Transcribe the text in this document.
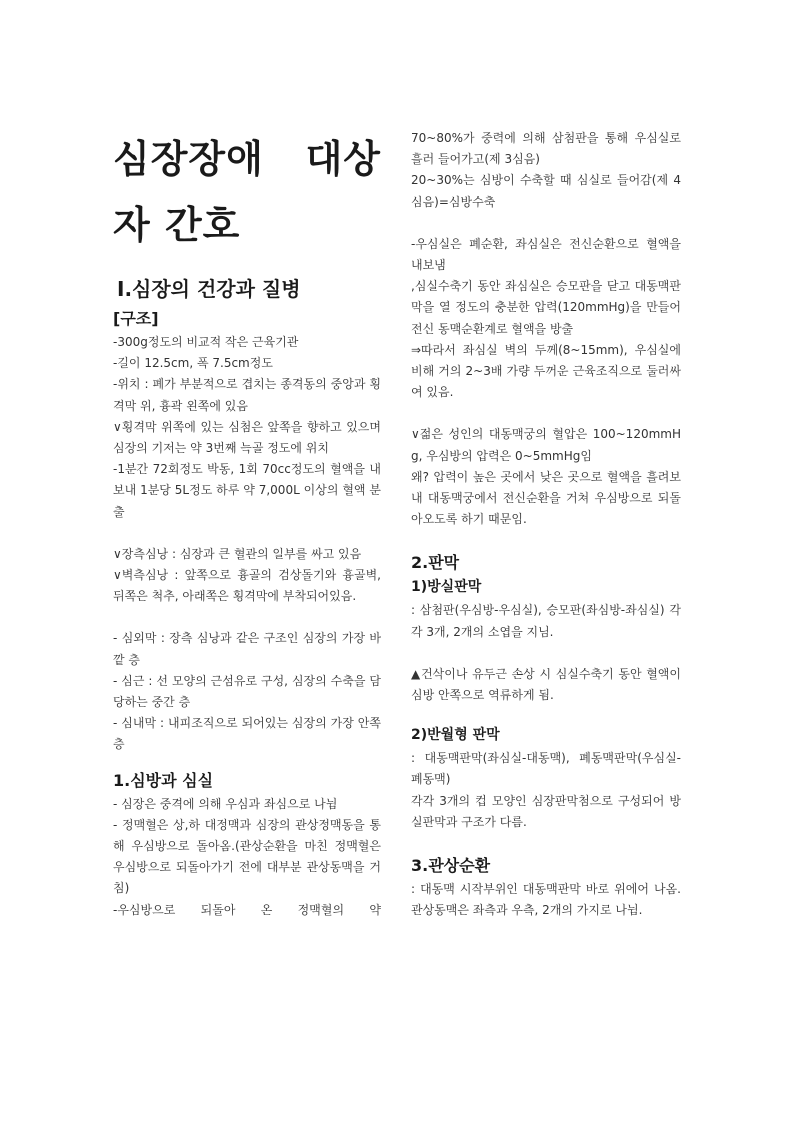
심장장애 대상
자 간호
Ⅰ.심장의 건강과 질병
[구조]

-300g정도의 비교적 작은 근육기관

-길이 12.5cm, 폭 7.5cm정도

-위치 : 폐가 부분적으로 겹치는 종격동의 중앙과 횡격막 위, 흉곽 왼쪽에 있음

∨횡격막 위쪽에 있는 심첨은 앞쪽을 향하고 있으며 심장의 기저는 약 3번째 늑골 정도에 위치

-1분간 72회정도 박동, 1회 70cc정도의 혈액을 내보내 1분당 5L정도 하루 약 7,000L 이상의 혈액 분출

∨장측심낭 : 심장과 큰 혈관의 일부를 싸고 있음

∨벽측심낭 : 앞쪽으로 흉골의 검상돌기와 흉골벽, 뒤쪽은 척추, 아래쪽은 횡격막에 부착되어있음.

- 심외막 : 장측 심낭과 같은 구조인 심장의 가장 바깥 층

- 심근 : 선 모양의 근섬유로 구성, 심장의 수축을 담당하는 중간 층

- 심내막 : 내피조직으로 되어있는 심장의 가장 안쪽 층

1.심방과 심실

- 심장은 중격에 의해 우심과 좌심으로 나뉨

- 정맥혈은 상,하 대정맥과 심장의 관상정맥동을 통해 우심방으로 돌아옴.(관상순환을 마친 정맥혈은 우심방으로 되돌아가기 전에 대부분 관상동맥을 거침)

-우심방으로 되돌아 온 정맥혈의 약

70~80%가 중력에 의해 삼첨판을 통해 우심실로 흘러 들어가고(제 3심음)

20~30%는 심방이 수축할 때 심실로 들어감(제 4심음)=심방수축

-우심실은 폐순환, 좌심실은 전신순환으로 혈액을 내보냄

,심실수축기 동안 좌심실은 승모판을 닫고 대동맥판막을 열 정도의 충분한 압력(120mmHg)을 만들어 전신 동맥순환계로 혈액을 방출

⇒따라서 좌심실 벽의 두께(8~15mm), 우심실에 비해 거의 2~3배 가량 두꺼운 근육조직으로 둘러싸여 있음.

∨젊은 성인의 대동맥궁의 혈압은 100~120mmHg, 우심방의 압력은 0~5mmHg임

왜? 압력이 높은 곳에서 낮은 곳으로 혈액을 흘려보내 대동맥궁에서 전신순환을 거쳐 우심방으로 되돌아오도록 하기 때문임.

2.판막
1)방실판막

: 삼첨판(우심방-우심실), 승모판(좌심방-좌심실) 각각 3개, 2개의 소엽을 지님.

▲건삭이나 유두근 손상 시 심실수축기 동안 혈액이 심방 안쪽으로 역류하게 됨.

2)반월형 판막

: 대동맥판막(좌심실-대동맥), 폐동맥판막(우심실-폐동맥)

각각 3개의 컵 모양인 심장판막첨으로 구성되어 방실판막과 구조가 다름.

3.관상순환

: 대동맥 시작부위인 대동맥판막 바로 위에어 나옴. 관상동맥은 좌측과 우측, 2개의 가지로 나뉨.
